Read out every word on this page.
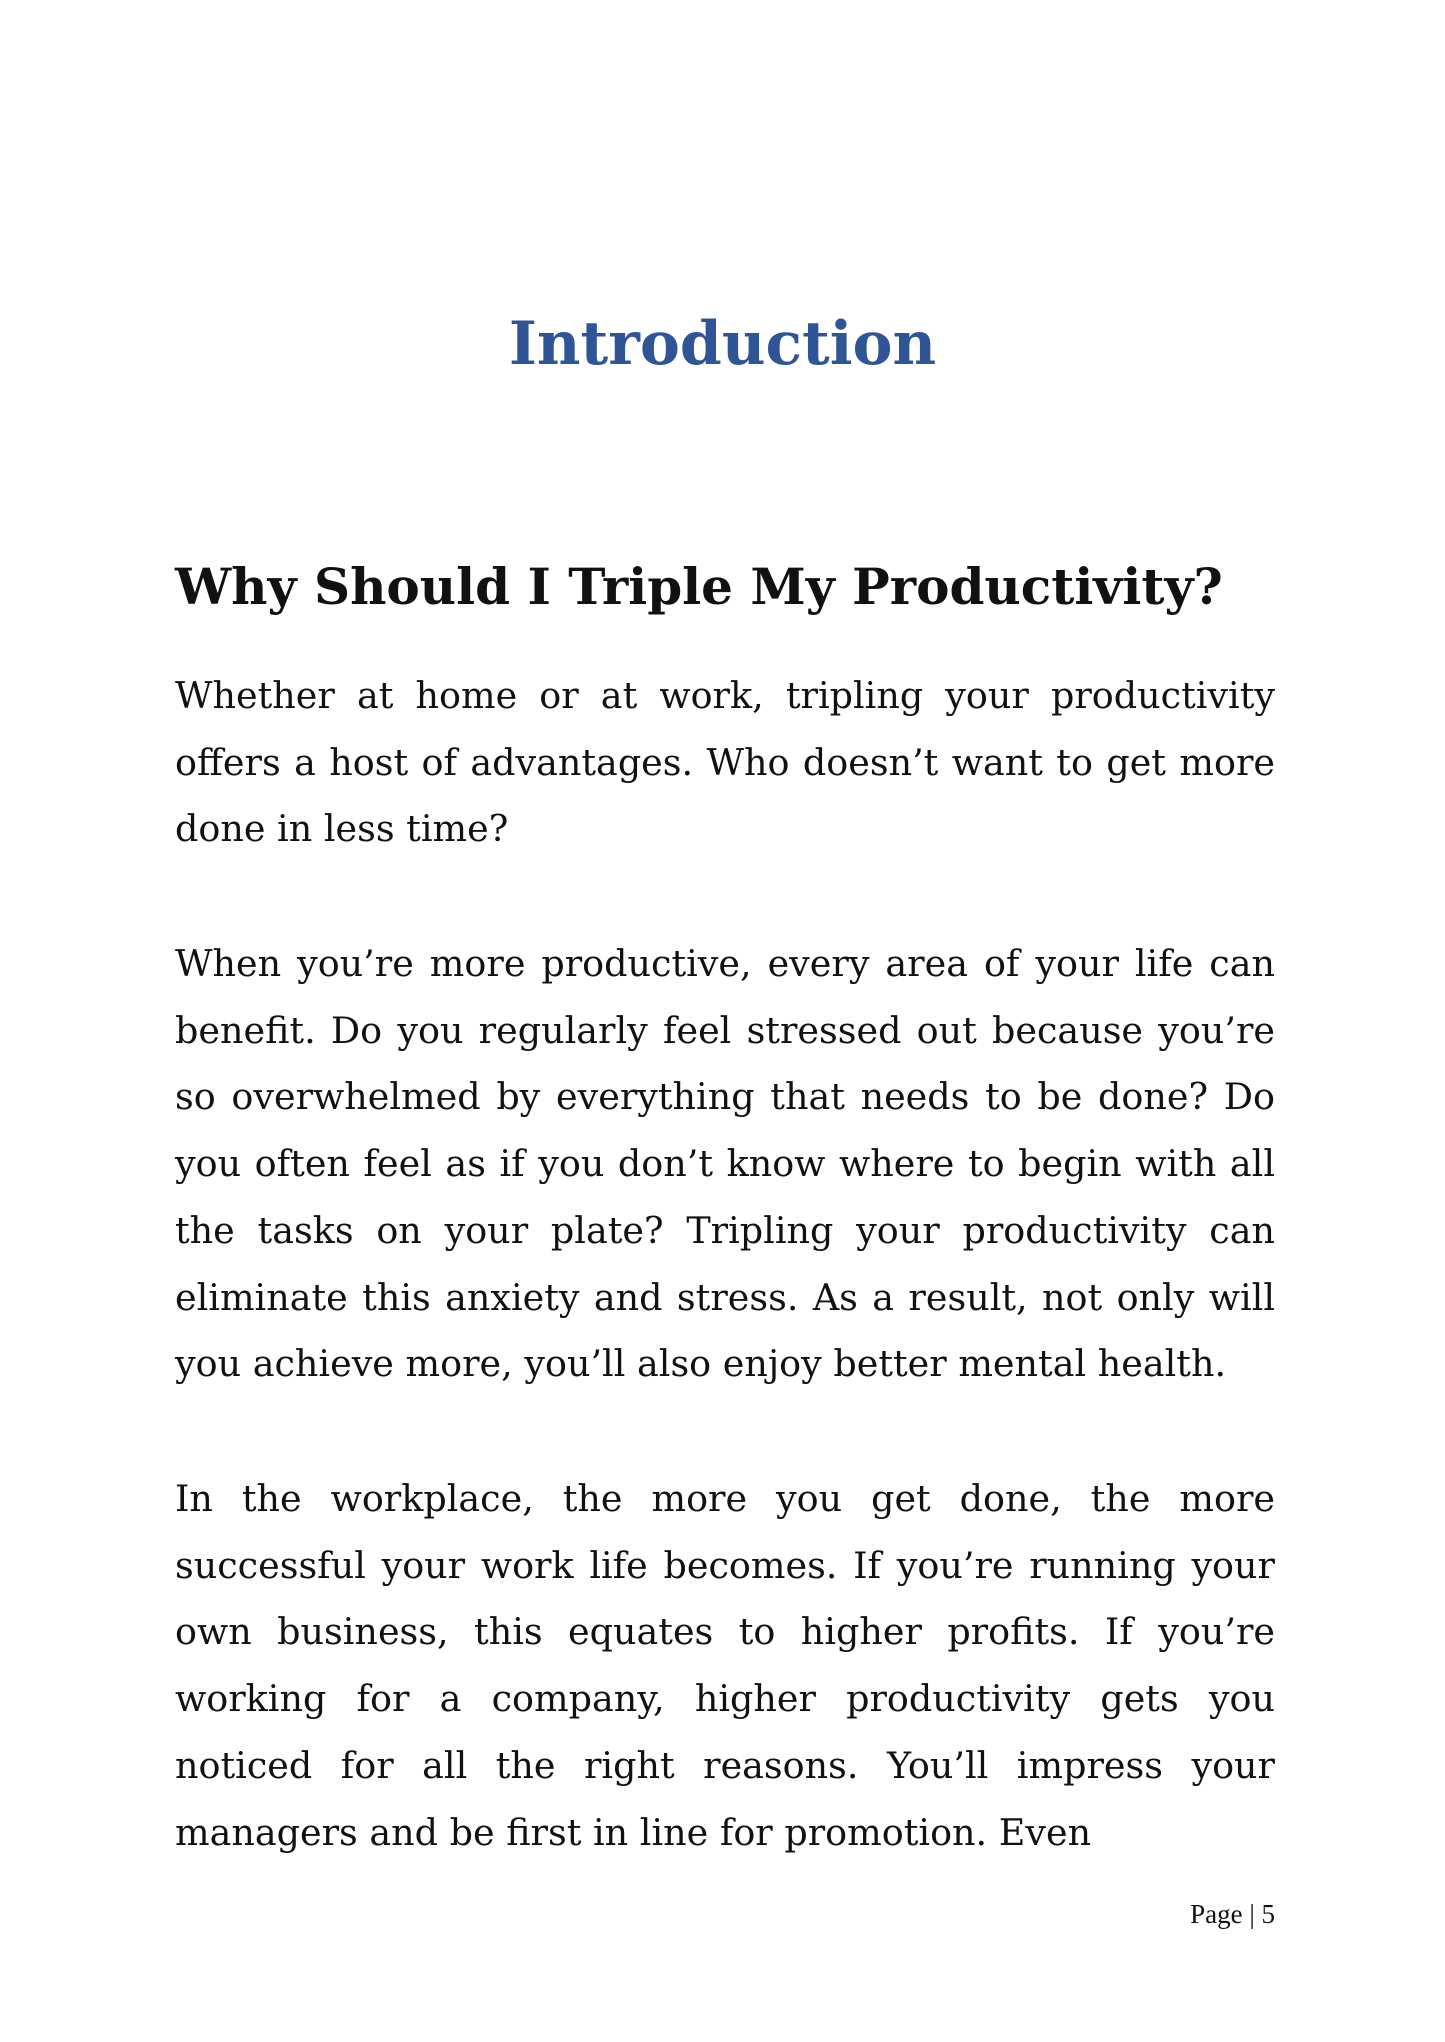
Introduction
Why Should I Triple My Productivity?

Whether at home or at work, tripling your productivity offers a host of advantages. Who doesn’t want to get more done in less time?

When you’re more productive, every area of your life can benefit. Do you regularly feel stressed out because you’re so overwhelmed by everything that needs to be done? Do you often feel as if you don’t know where to begin with all the tasks on your plate? Tripling your productivity can eliminate this anxiety and stress. As a result, not only will you achieve more, you’ll also enjoy better mental health.

In the workplace, the more you get done, the more successful your work life becomes. If you’re running your own business, this equates to higher profits. If you’re working for a company, higher productivity gets you noticed for all the right reasons. You’ll impress your managers and be first in line for promotion. Even

Page | 5
